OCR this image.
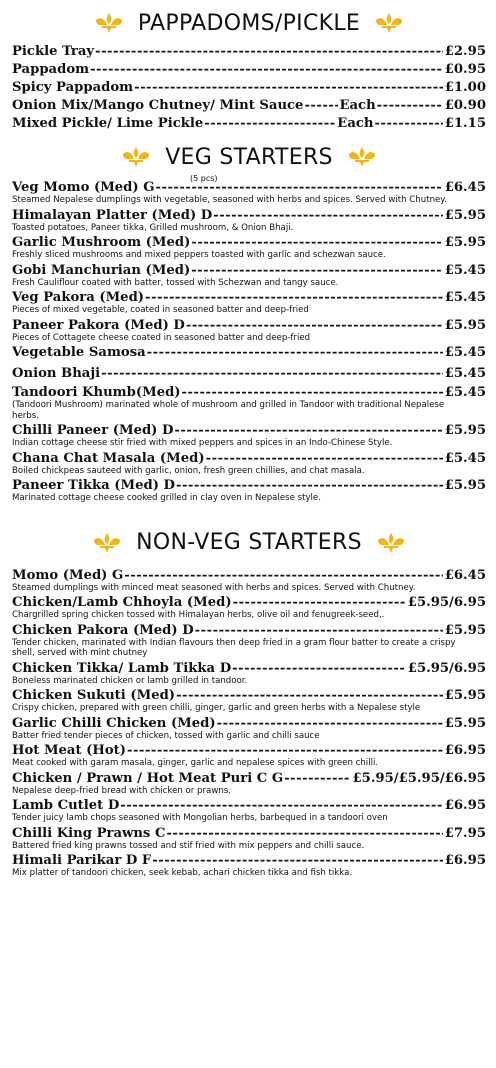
PAPPADOMS/PICKLE
Pickle Tray -----	£2.95
Pappadom -----	£0.95
Spicy Pappadom -----	£1.00
Onion Mix/Mango Chutney/ Mint Sauce -----	Each -----	£0.90
Mixed Pickle/ Lime Pickle -----	Each -----	£1.15
VEG STARTERS
(5 pcs)
Veg Momo (Med) G -----	£6.45
Steamed Nepalese dumplings with vegetable, seasoned with herbs and spices. Served with Chutney.
Himalayan Platter (Med) D -----	£5.95
Toasted potatoes, Paneer tikka, Grilled mushroom, & Onion Bhaji.
Garlic Mushroom (Med) -----	£5.95
Freshly sliced mushrooms and mixed peppers toasted with garlic and schezwan sauce.
Gobi Manchurian (Med) -----	£5.45
Fresh Cauliflour coated with batter, tossed with Schezwan and tangy sauce.
Veg Pakora (Med) -----	£5.45
Pieces of mixed vegetable, coated in seasoned batter and deep-fried
Paneer Pakora (Med) D -----	£5.95
Pieces of Cottagete cheese coated in seasoned batter and deep-fried
Vegetable Samosa -----	£5.45
Onion Bhaji -----	£5.45
Tandoori Khumb(Med) -----	£5.45
(Tandoori Mushroom) marinated whole of mushroom and grilled in Tandoor with traditional Nepalese herbs.
Chilli Paneer (Med) D -----	£5.95
Indian cottage cheese stir fried with mixed peppers and spices in an Indo-Chinese Style.
Chana Chat Masala (Med) -----	£5.45
Boiled chickpeas sauteed with garlic, onion, fresh green chillies, and chat masala.
Paneer Tikka (Med) D -----	£5.95
Marinated cottage cheese cooked grilled in clay oven in Nepalese style.
NON-VEG STARTERS
Momo (Med) G -----	£6.45
Steamed dumplings with minced meat seasoned with herbs and spices. Served with Chutney.
Chicken/Lamb Chhoyla (Med) -----	£5.95/6.95
Chargrilled spring chicken tossed with Himalayan herbs, olive oil and fenugreek-seed,.
Chicken Pakora (Med) D -----	£5.95
Tender chicken, marinated with Indian flavours then deep fried in a gram flour batter to create a crispy shell, served with mint chutney
Chicken Tikka/ Lamb Tikka D -----	£5.95/6.95
Boneless marinated chicken or lamb grilled in tandoor.
Chicken Sukuti (Med) -----	£5.95
Crispy chicken, prepared with green chilli, ginger, garlic and green herbs with a Nepalese style
Garlic Chilli Chicken (Med) -----	£5.95
Batter fried tender pieces of chicken, tossed with garlic and chilli sauce
Hot Meat (Hot) -----	£6.95
Meat cooked with garam masala, ginger, garlic and nepalese spices with green chilli.
Chicken / Prawn / Hot Meat Puri C G -----	£5.95/£5.95/£6.95
Nepalese deep-fried bread with chicken or prawns.
Lamb Cutlet D -----	£6.95
Tender juicy lamb chops seasoned with Mongolian herbs, barbequed in a tandoori oven
Chilli King Prawns C -----	£7.95
Battered fried king prawns tossed and stif fried with mix peppers and chilli sauce.
Himali Parikar D F -----	£6.95
Mix platter of tandoori chicken, seek kebab, achari chicken tikka and fish tikka.
